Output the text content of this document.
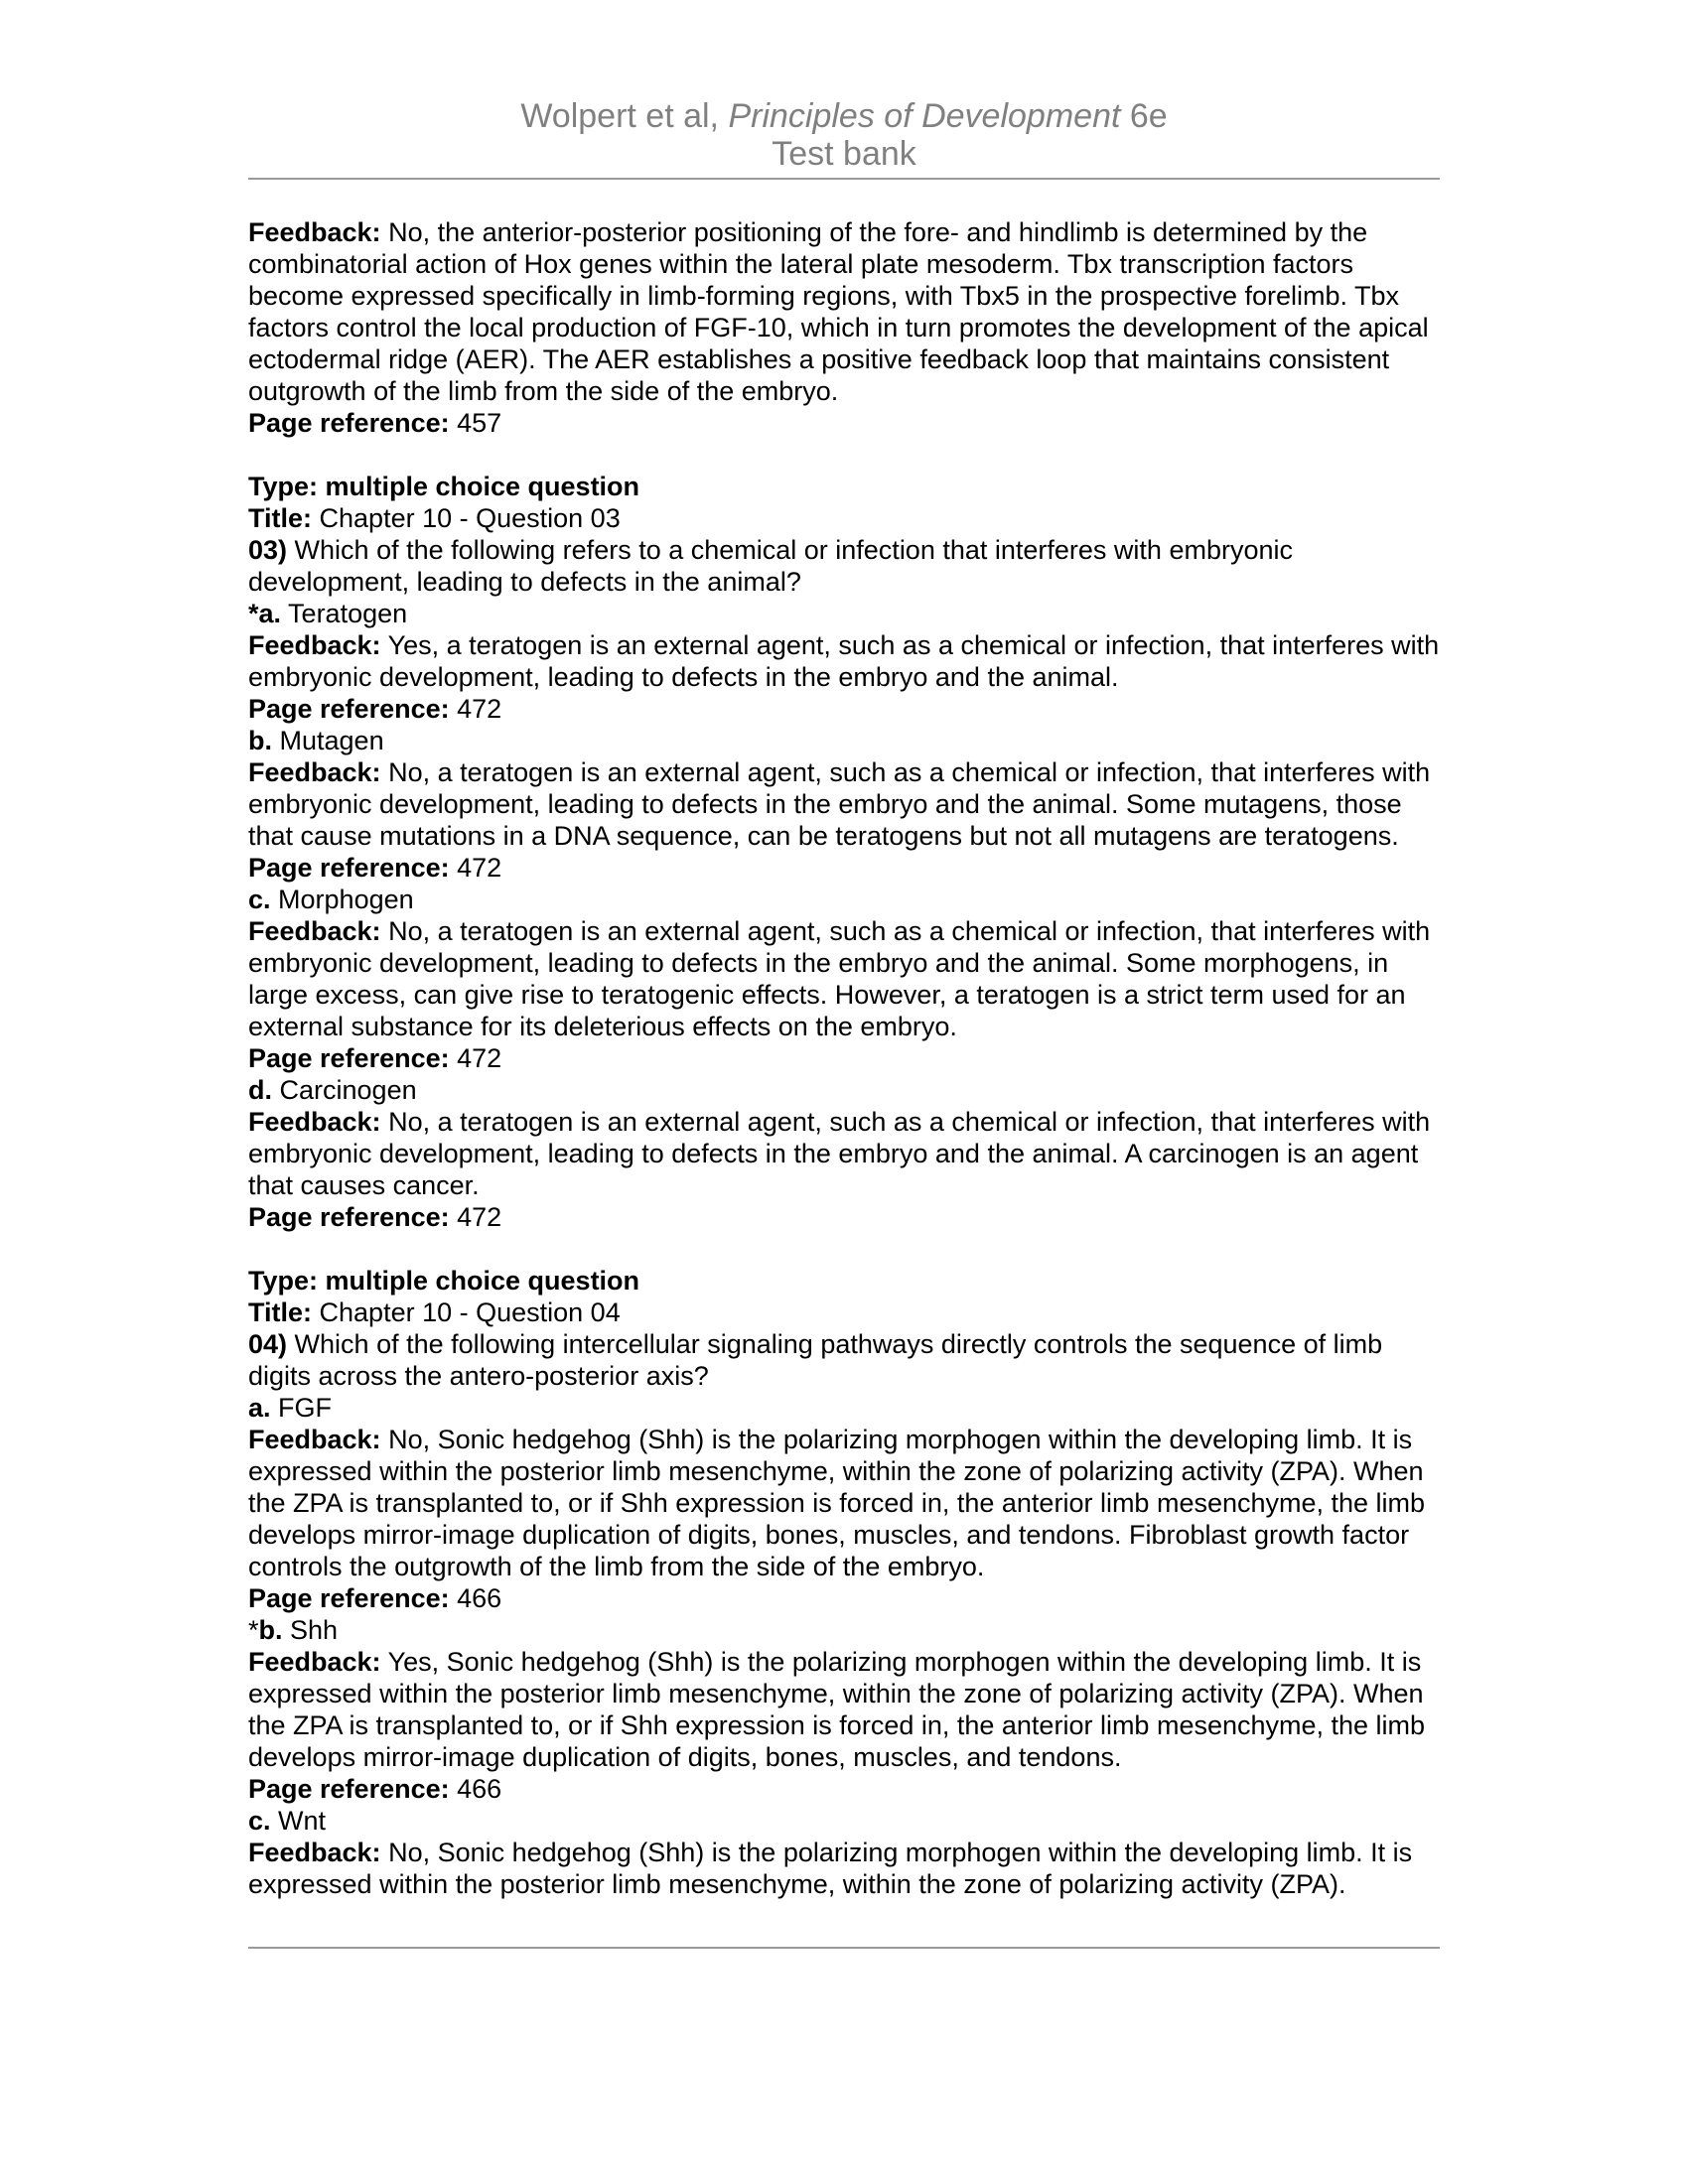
Wolpert et al, Principles of Development 6e
Test bank
Feedback: No, the anterior-posterior positioning of the fore- and hindlimb is determined by the combinatorial action of Hox genes within the lateral plate mesoderm. Tbx transcription factors become expressed specifically in limb-forming regions, with Tbx5 in the prospective forelimb. Tbx factors control the local production of FGF-10, which in turn promotes the development of the apical ectodermal ridge (AER). The AER establishes a positive feedback loop that maintains consistent outgrowth of the limb from the side of the embryo.
Page reference: 457
Type: multiple choice question
Title: Chapter 10 - Question 03
03) Which of the following refers to a chemical or infection that interferes with embryonic development, leading to defects in the animal?
*a. Teratogen
Feedback: Yes, a teratogen is an external agent, such as a chemical or infection, that interferes with embryonic development, leading to defects in the embryo and the animal.
Page reference: 472
b. Mutagen
Feedback: No, a teratogen is an external agent, such as a chemical or infection, that interferes with embryonic development, leading to defects in the embryo and the animal. Some mutagens, those that cause mutations in a DNA sequence, can be teratogens but not all mutagens are teratogens.
Page reference: 472
c. Morphogen
Feedback: No, a teratogen is an external agent, such as a chemical or infection, that interferes with embryonic development, leading to defects in the embryo and the animal. Some morphogens, in large excess, can give rise to teratogenic effects. However, a teratogen is a strict term used for an external substance for its deleterious effects on the embryo.
Page reference: 472
d. Carcinogen
Feedback: No, a teratogen is an external agent, such as a chemical or infection, that interferes with embryonic development, leading to defects in the embryo and the animal. A carcinogen is an agent that causes cancer.
Page reference: 472
Type: multiple choice question
Title: Chapter 10 - Question 04
04) Which of the following intercellular signaling pathways directly controls the sequence of limb digits across the antero-posterior axis?
a. FGF
Feedback: No, Sonic hedgehog (Shh) is the polarizing morphogen within the developing limb. It is expressed within the posterior limb mesenchyme, within the zone of polarizing activity (ZPA). When the ZPA is transplanted to, or if Shh expression is forced in, the anterior limb mesenchyme, the limb develops mirror-image duplication of digits, bones, muscles, and tendons. Fibroblast growth factor controls the outgrowth of the limb from the side of the embryo.
Page reference: 466
*b. Shh
Feedback: Yes, Sonic hedgehog (Shh) is the polarizing morphogen within the developing limb. It is expressed within the posterior limb mesenchyme, within the zone of polarizing activity (ZPA). When the ZPA is transplanted to, or if Shh expression is forced in, the anterior limb mesenchyme, the limb develops mirror-image duplication of digits, bones, muscles, and tendons.
Page reference: 466
c. Wnt
Feedback: No, Sonic hedgehog (Shh) is the polarizing morphogen within the developing limb. It is expressed within the posterior limb mesenchyme, within the zone of polarizing activity (ZPA).
